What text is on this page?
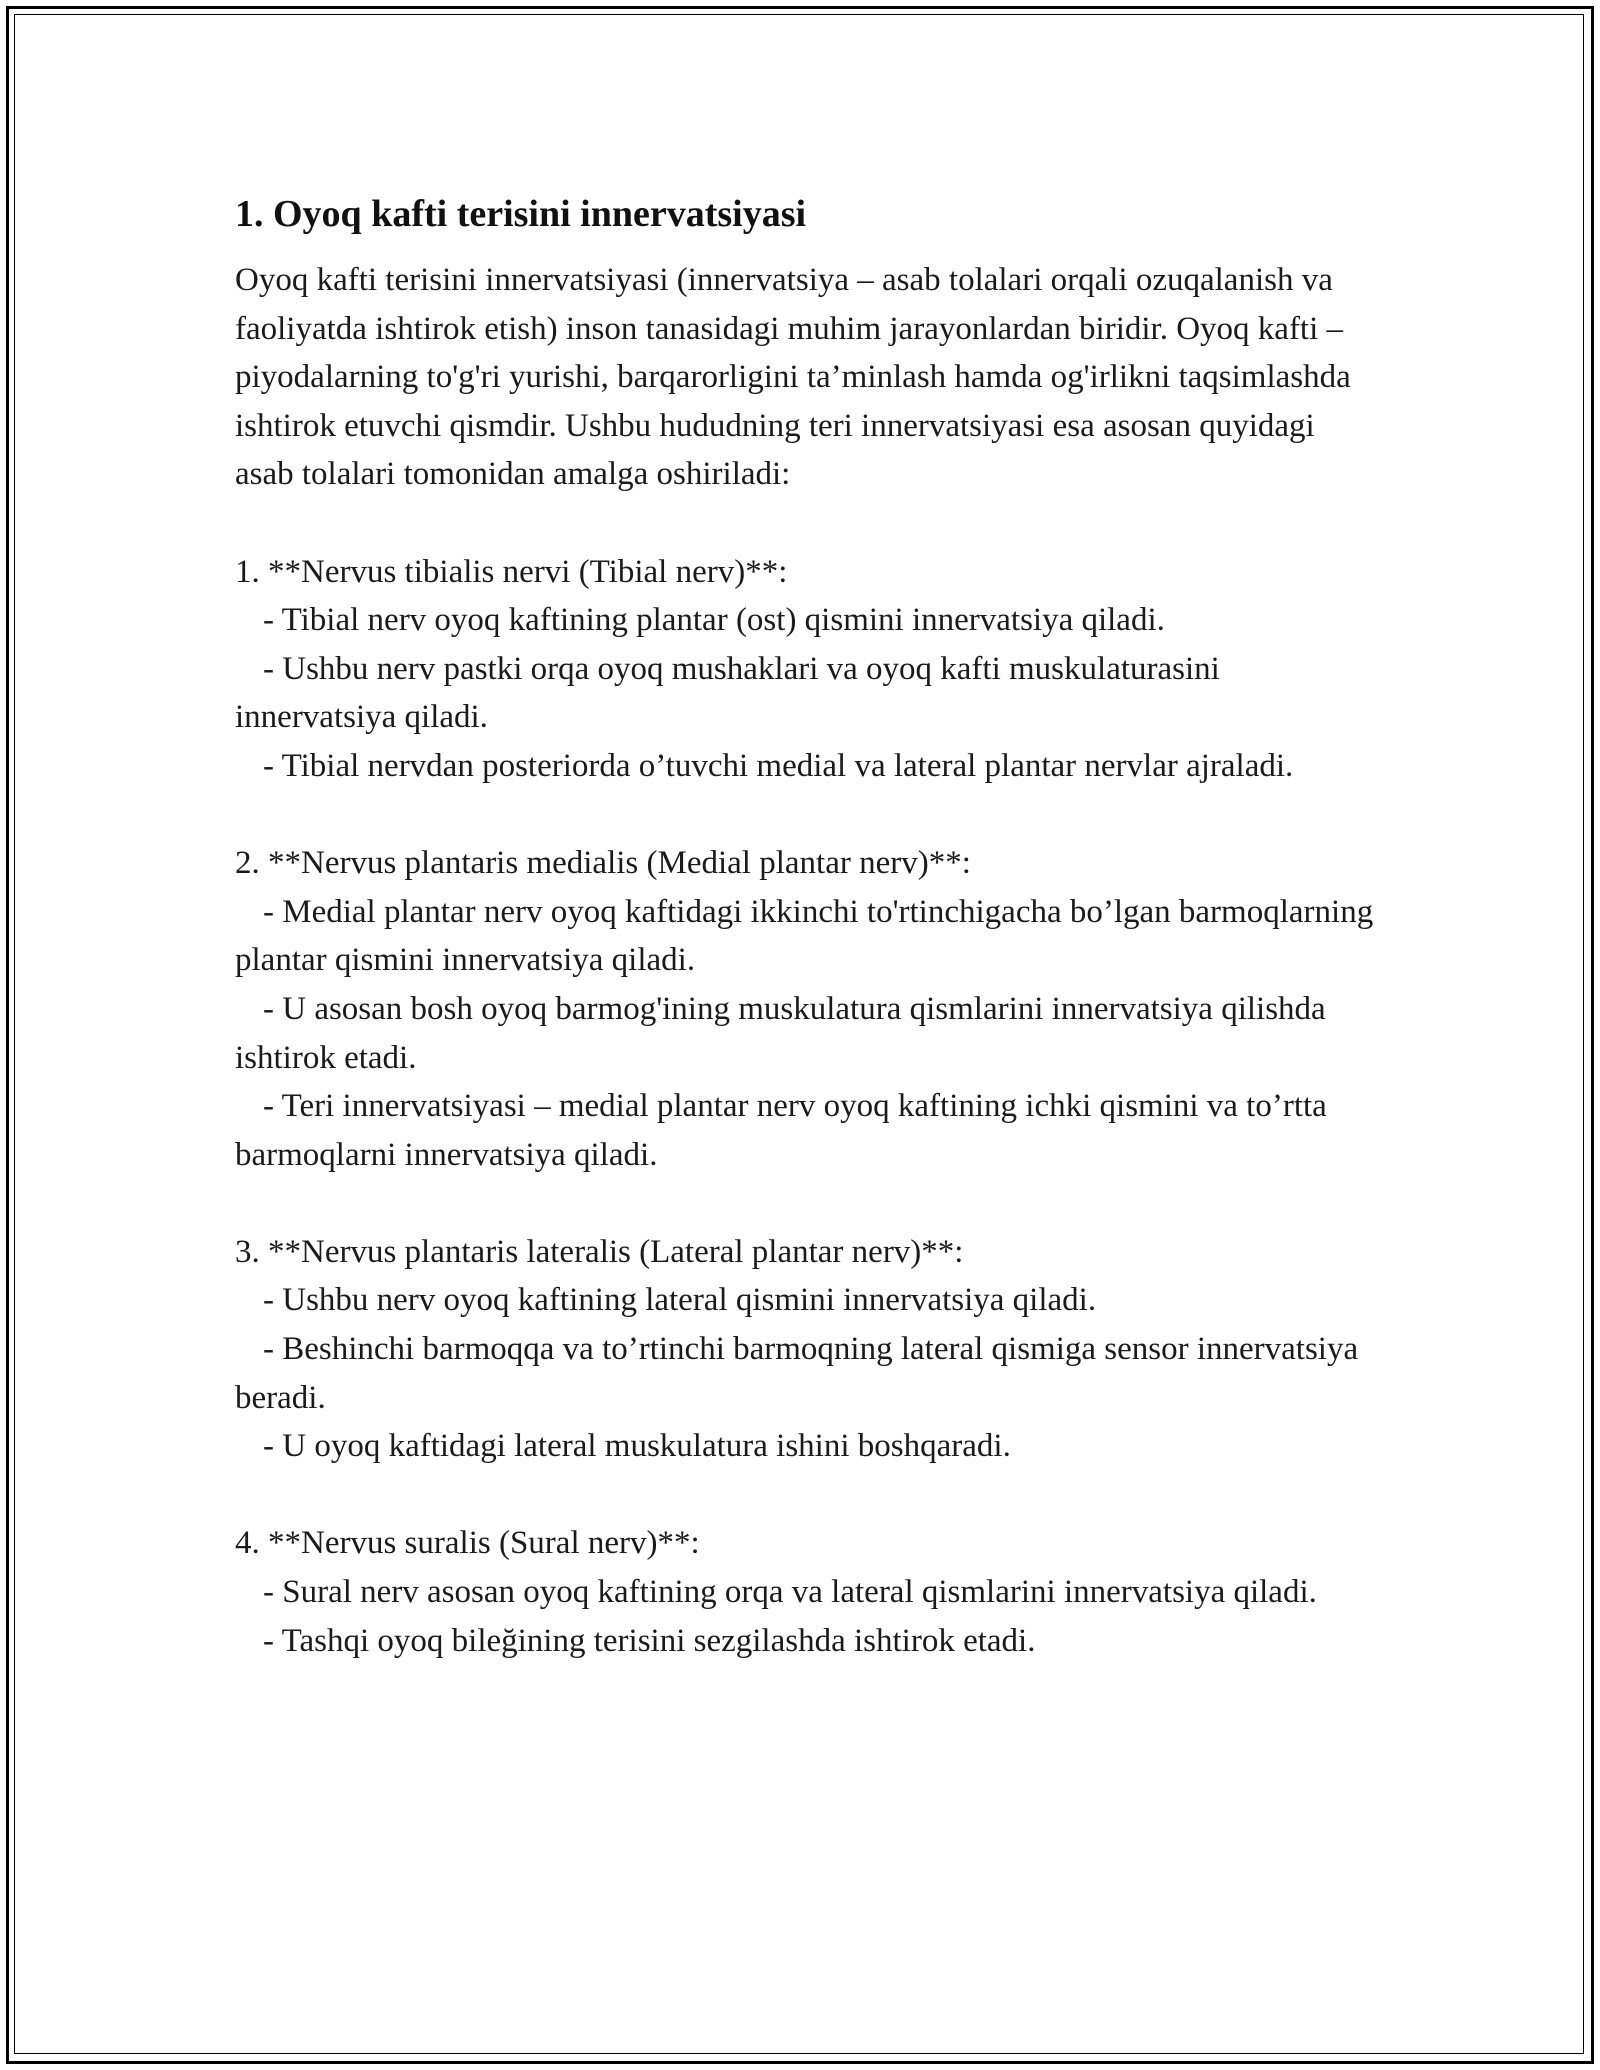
1. Oyoq kafti terisini innervatsiyasi

Oyoq kafti terisini innervatsiyasi (innervatsiya – asab tolalari orqali ozuqalanish va faoliyatda ishtirok etish) inson tanasidagi muhim jarayonlardan biridir. Oyoq kafti – piyodalarning to'g'ri yurishi, barqarorligini ta’minlash hamda og'irlikni taqsimlashda ishtirok etuvchi qismdir. Ushbu hududning teri innervatsiyasi esa asosan quyidagi asab tolalari tomonidan amalga oshiriladi:

1. **Nervus tibialis nervi (Tibial nerv)**:

- Tibial nerv oyoq kaftining plantar (ost) qismini innervatsiya qiladi.

- Ushbu nerv pastki orqa oyoq mushaklari va oyoq kafti muskulaturasini innervatsiya qiladi.

- Tibial nervdan posteriorda o’tuvchi medial va lateral plantar nervlar ajraladi.

2. **Nervus plantaris medialis (Medial plantar nerv)**:

- Medial plantar nerv oyoq kaftidagi ikkinchi to'rtinchigacha bo’lgan barmoqlarning plantar qismini innervatsiya qiladi.

- U asosan bosh oyoq barmog'ining muskulatura qismlarini innervatsiya qilishda ishtirok etadi.

- Teri innervatsiyasi – medial plantar nerv oyoq kaftining ichki qismini va to’rtta barmoqlarni innervatsiya qiladi.

3. **Nervus plantaris lateralis (Lateral plantar nerv)**:

- Ushbu nerv oyoq kaftining lateral qismini innervatsiya qiladi.

- Beshinchi barmoqqa va to’rtinchi barmoqning lateral qismiga sensor innervatsiya beradi.

- U oyoq kaftidagi lateral muskulatura ishini boshqaradi.

4. **Nervus suralis (Sural nerv)**:

- Sural nerv asosan oyoq kaftining orqa va lateral qismlarini innervatsiya qiladi.

- Tashqi oyoq bileğining terisini sezgilashda ishtirok etadi.
